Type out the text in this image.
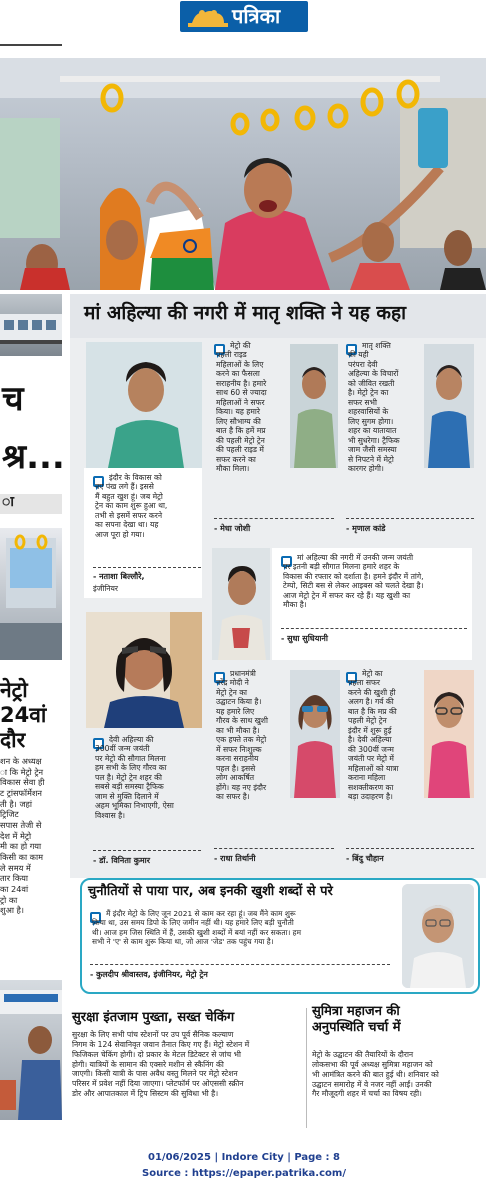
पत्रिका
च
श्र...
ा
नेट्रो
24वां
दौर
शन के अध्यक्ष
ा कि मेट्रो ट्रेन
विकास सेवा ही
ट ट्रांसफॉर्मेशन
ती है। जहां
ट्रिजिट
सपास तेजी से
देश में मेट्रो
मी का हो गया
किसी का काम
ले समय में
तार किया
का 24वां
ट्रो का
शुआ है।
मां अहिल्या की नगरी में मातृ शक्ति ने यह कहा
इंदौर के विकास को
नए पंख लगे हैं। इससे
मैं बहुत खुश हूं। जब मेट्रो
ट्रेन का काम शुरू हुआ था,
तभी से इसमें सफर करने
का सपना देखा था। यह
आज पूरा हो गया।
- नताशा बिल्लौरे,
इंजीनियर
मेट्रो की
पहली राइड
महिलाओं के लिए
करने का फैसला
सराहनीय है। हमारे
साथ 60 से ज्यादा
महिलाओं ने सफर
किया। यह हमारे
लिए सौभाग्य की
बात है कि हमें मप्र
की पहली मेट्रो ट्रेन
की पहली राइड में
सफर करने का
मौका मिला।
- मेधा जोशी
मातृ शक्ति
की यही
परंपरा देवी
अहिल्या के विचारों
को जीवित रखती
है। मेट्रो ट्रेन का
सफर सभी
शहरवासियों के
लिए सुगम होगा।
शहर का यातायात
भी सुधरेगा। ट्रैफिक
जाम जैसी समस्या
से निपटने में मेट्रो
कारगर होगी।
- मृणाल कांडे
मां अहिल्या की नगरी में उनकी जन्म जयंती
पर इतनी बड़ी सौगात मिलना हमारे शहर के
विकास की रफ्तार को दर्शाता है। हमने इंदौर में तांगे,
टेम्पो, सिटी बस से लेकर आइबस को चलते देखा है।
आज मेट्रो ट्रेन में सफर कर रहे हैं। यह खुशी का
मौका है।
- सुधा सुधियानी
देवी अहिल्या की
300वीं जन्म जयंती
पर मेट्रो की सौगात मिलना
हम सभी के लिए गौरव का
पल है। मेट्रो ट्रेन शहर की
सबसे बड़ी समस्या ट्रैफिक
जाम से मुक्ति दिलाने में
अहम भूमिका निभाएगी, ऐसा
विश्वास है।
- डॉ. विनिता कुमार
प्रधानमंत्री
नरेंद्र मोदी ने
मेट्रो ट्रेन का
उद्घाटन किया है।
यह हमारे लिए
गौरव के साथ खुशी
का भी मौका है।
एक हफ्ते तक मेट्रो
में सफर निःशुल्क
करना सराहनीय
पहल है। इससे
लोग आकर्षित
होंगे। यह नए इंदौर
का सफर है।
- राधा तिर्थानी
मेट्रो का
पहला सफर
करने की खुशी ही
अलग है। गर्व की
बात है कि मप्र की
पहली मेट्रो ट्रेन
इंदौर में शुरू हुई
है। देवी अहिल्या
की 300वीं जन्म
जयंती पर मेट्रो में
महिलाओं को यात्रा
कराना महिला
सशक्तीकरण का
बड़ा उदाहरण है।
- बिंदु चौहान
चुनौतियों से पाया पार, अब इनकी खुशी शब्दों से परे
मैं इंदौर मेट्रो के लिए जून 2021 से काम कर रहा हूं। जब मैंने काम शुरू
किया था, उस समय डिपो के लिए जमीन नहीं थी। यह हमारे लिए बड़ी चुनौती
थी। आज हम जिस स्थिति में हैं, उसकी खुशी शब्दों में बयां नहीं कर सकता। हम
सभी ने 'ए' से काम शुरू किया था, जो आज 'जेड' तक पहुंच गया है।
- कुलदीप श्रीवास्तव, इंजीनियर, मेट्रो ट्रेन
सुरक्षा इंतजाम पुख्ता, सख्त चेकिंग
सुरक्षा के लिए सभी पांच स्टेशनों पर उप पूर्व सैनिक कल्याण
निगम के 124 सेवानिवृत जवान तैनात किए गए हैं। मेट्रो स्टेशन में
फिजिकल चेकिंग होगी। दो प्रकार के मेटल डिटेक्टर से जांच भी
होगी। यात्रियों के सामान की एक्सरे मशीन से स्कैनिंग की
जाएगी। किसी यात्री के पास अवैध वस्तु मिलने पर मेट्रो स्टेशन
परिसर में प्रवेश नहीं दिया जाएगा। प्लेटफॉर्म पर ओएससी स्क्रीन
डोर और आपातकाल में ट्रिप सिस्टम की सुविधा भी है।
सुमित्रा महाजन की
अनुपस्थिति चर्चा में
मेट्रो के उद्घाटन की तैयारियों के दौरान
लोकसभा की पूर्व अध्यक्ष सुमित्रा महाजन को
भी आमंत्रित करने की बात हुई थी। शनिवार को
उद्घाटन समारोह में वे नजर नहीं आईं। उनकी
गैर मौजूदगी शहर में चर्चा का विषय रही।
01/06/2025 | Indore City | Page : 8
Source : https://epaper.patrika.com/
